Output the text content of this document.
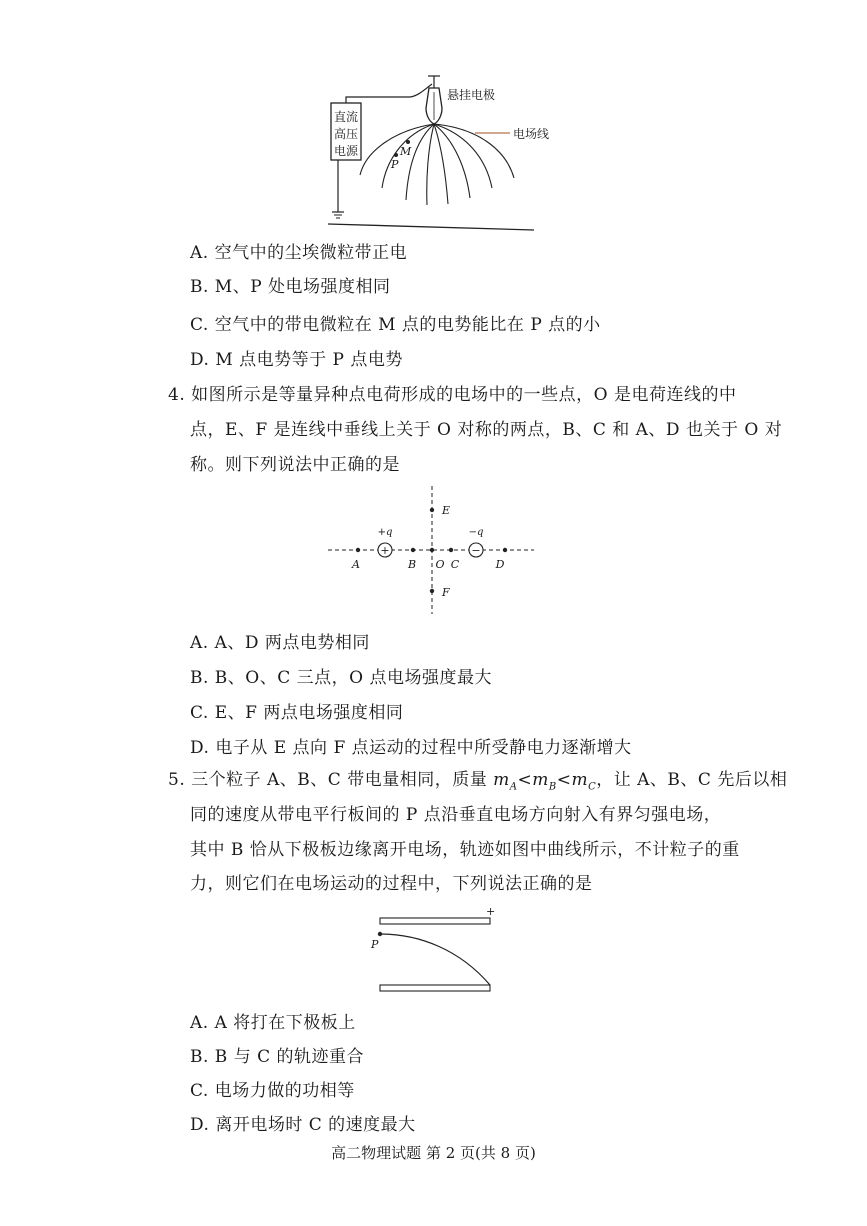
直流
高压
电源
悬挂电极
电场线
M
P
A. 空气中的尘埃微粒带正电
B. M、P 处电场强度相同
C. 空气中的带电微粒在 M 点的电势能比在 P 点的小
D. M 点电势等于 P 点电势
4. 如图所示是等量异种点电荷形成的电场中的一些点，O 是电荷连线的中
点，E、F 是连线中垂线上关于 O 对称的两点，B、C 和 A、D 也关于 O 对
称。则下列说法中正确的是
+
+q
−
−q
A	B O C	D
E
F
A. A、D 两点电势相同
B. B、O、C 三点，O 点电场强度最大
C. E、F 两点电场强度相同
D. 电子从 E 点向 F 点运动的过程中所受静电力逐渐增大
5. 三个粒子 A、B、C 带电量相同，质量 $m_A<m_B<m_C$，让 A、B、C 先后以相
同的速度从带电平行板间的 P 点沿垂直电场方向射入有界匀强电场，
其中 B 恰从下极板边缘离开电场，轨迹如图中曲线所示，不计粒子的重
力，则它们在电场运动的过程中，下列说法正确的是
+
P
A. A 将打在下极板上
B. B 与 C 的轨迹重合
C. 电场力做的功相等
D. 离开电场时 C 的速度最大
高二物理试题 第 2 页(共 8 页)
